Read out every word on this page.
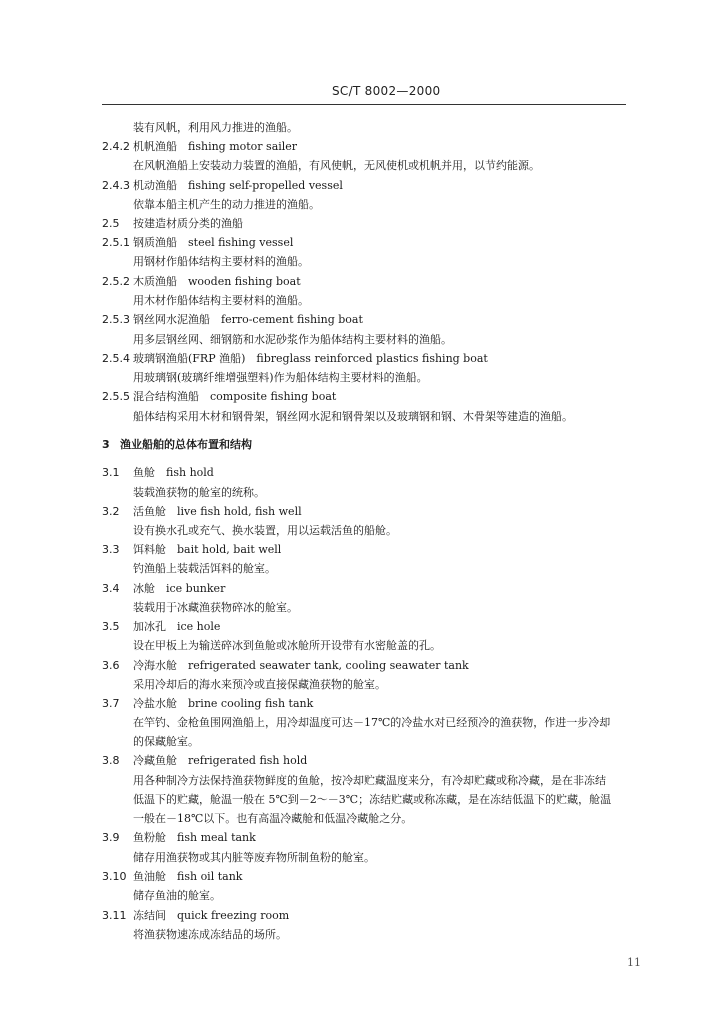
SC/T 8002—2000
装有风帆，利用风力推进的渔船。
2.4.2 机帆渔船　fishing motor sailer
在风帆渔船上安装动力装置的渔船，有风使帆，无风使机或机帆并用，以节约能源。
2.4.3 机动渔船　fishing self-propelled vessel
依靠本船主机产生的动力推进的渔船。
2.5 按建造材质分类的渔船
2.5.1 钢质渔船　steel fishing vessel
用钢材作船体结构主要材料的渔船。
2.5.2 木质渔船　wooden fishing boat
用木材作船体结构主要材料的渔船。
2.5.3 钢丝网水泥渔船　ferro-cement fishing boat
用多层钢丝网、细钢筋和水泥砂浆作为船体结构主要材料的渔船。
2.5.4 玻璃钢渔船(FRP 渔船)　fibreglass reinforced plastics fishing boat
用玻璃钢(玻璃纤维增强塑料)作为船体结构主要材料的渔船。
2.5.5 混合结构渔船　composite fishing boat
船体结构采用木材和钢骨架，钢丝网水泥和钢骨架以及玻璃钢和钢、木骨架等建造的渔船。
3 渔业船舶的总体布置和结构
3.1 鱼舱　fish hold
装载渔获物的舱室的统称。
3.2 活鱼舱　live fish hold, fish well
设有换水孔或充气、换水装置，用以运载活鱼的船舱。
3.3 饵料舱　bait hold, bait well
钓渔船上装载活饵料的舱室。
3.4 冰舱　ice bunker
装载用于冰藏渔获物碎冰的舱室。
3.5 加冰孔　ice hole
设在甲板上为输送碎冰到鱼舱或冰舱所开设带有水密舱盖的孔。
3.6 冷海水舱　refrigerated seawater tank, cooling seawater tank
采用冷却后的海水来预冷或直接保藏渔获物的舱室。
3.7 冷盐水舱　brine cooling fish tank
在竿钓、金枪鱼围网渔船上，用冷却温度可达－17℃的冷盐水对已经预冷的渔获物，作进一步冷却
的保藏舱室。
3.8 冷藏鱼舱　refrigerated fish hold
用各种制冷方法保持渔获物鲜度的鱼舱，按冷却贮藏温度来分，有冷却贮藏或称冷藏，是在非冻结
低温下的贮藏，舱温一般在 5℃到－2～－3℃；冻结贮藏或称冻藏，是在冻结低温下的贮藏，舱温
一般在－18℃以下。也有高温冷藏舱和低温冷藏舱之分。
3.9 鱼粉舱　fish meal tank
储存用渔获物或其内脏等废弃物所制鱼粉的舱室。
3.10 鱼油舱　fish oil tank
储存鱼油的舱室。
3.11 冻结间　quick freezing room
将渔获物速冻成冻结品的场所。
11
